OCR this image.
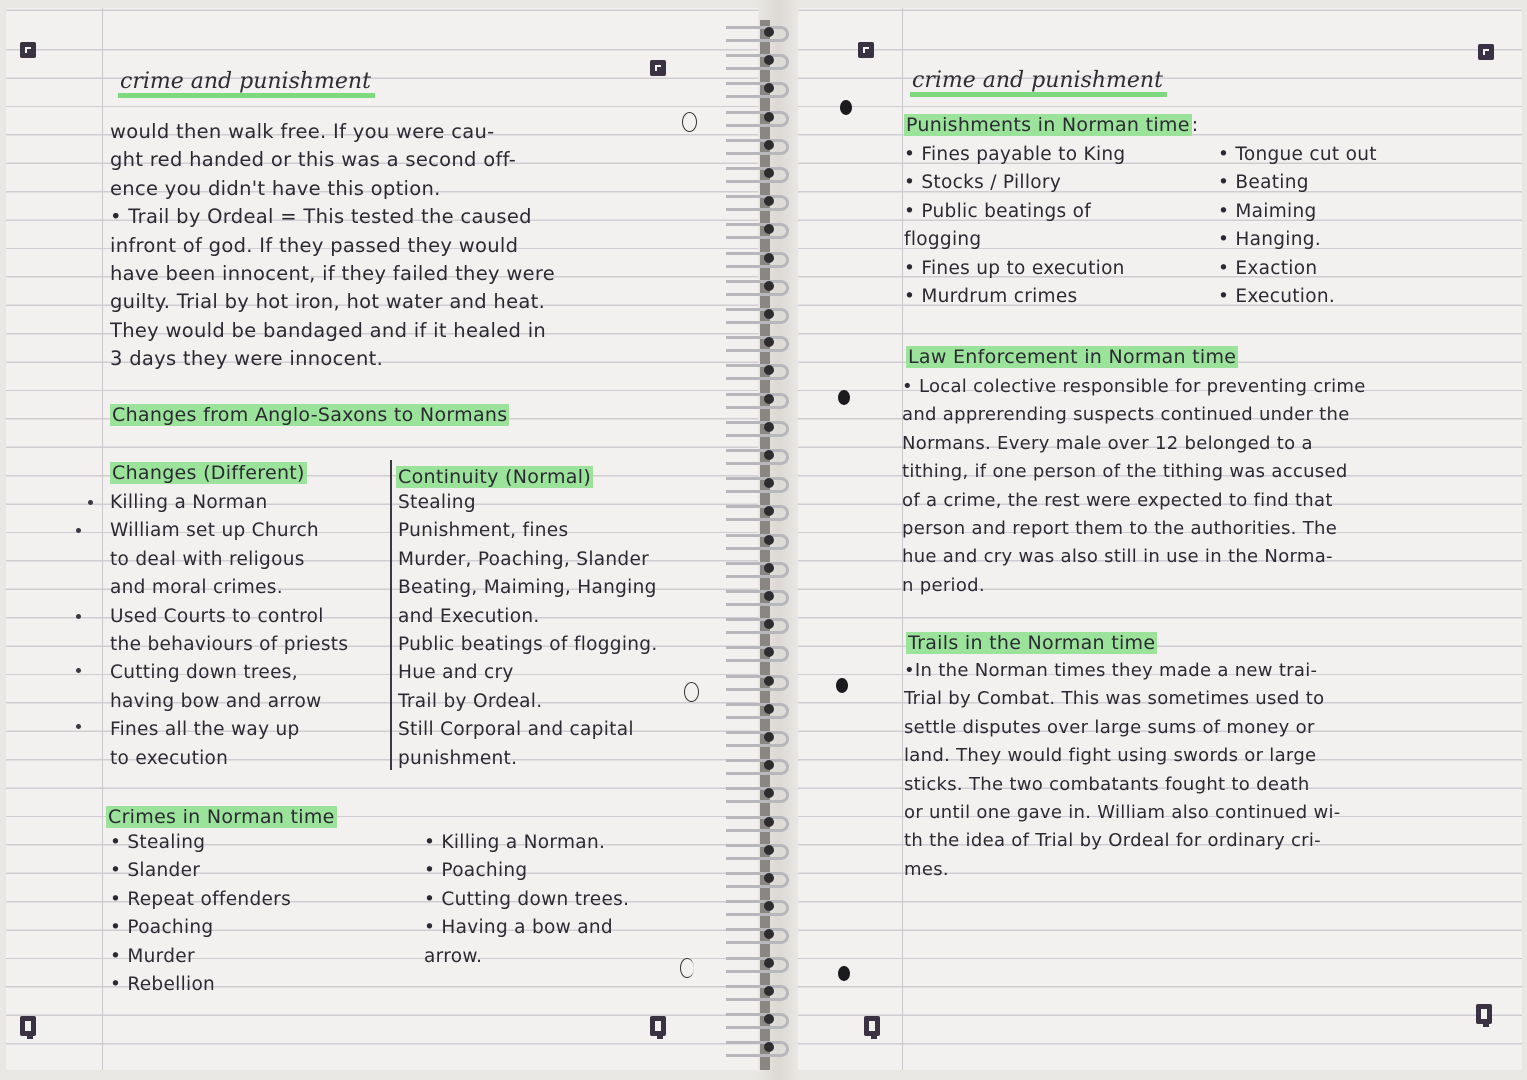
crime and punishment
would then walk free. If you were cau-
ght red handed or this was a second off-
ence you didn't have this option.
• Trail by Ordeal = This tested the caused
infront of god. If they passed they would
have been innocent, if they failed they were
guilty. Trial by hot iron, hot water and heat.
They would be bandaged and if it healed in
3 days they were innocent.
Changes from Anglo-Saxons to Normans
Changes (Different)	Continuity (Normal)
Killing a Norman
William set up Church
to deal with religous
and moral crimes.
Used Courts to control
the behaviours of priests
Cutting down trees,
having bow and arrow
Fines all the way up
to execution
Stealing
Punishment, fines
Murder, Poaching, Slander
Beating, Maiming, Hanging
and Execution.
Public beatings of flogging.
Hue and cry
Trail by Ordeal.
Still Corporal and capital
punishment.
Crimes in Norman time
• Stealing
• Slander
• Repeat offenders
• Poaching
• Murder
• Rebellion
• Killing a Norman.
• Poaching
• Cutting down trees.
• Having a bow and
arrow.
crime and punishment
Punishments in Norman time :
• Fines payable to King
• Stocks / Pillory
• Public beatings of
flogging
• Fines up to execution
• Murdrum crimes
• Tongue cut out
• Beating
• Maiming
• Hanging.
• Exaction
• Execution.
Law Enforcement in Norman time
• Local colective responsible for preventing crime
and apprerending suspects continued under the
Normans. Every male over 12 belonged to a
tithing, if one person of the tithing was accused
of a crime, the rest were expected to find that
person and report them to the authorities. The
hue and cry was also still in use in the Norma-
n period.
Trails in the Norman time
•In the Norman times they made a new trai-
Trial by Combat. This was sometimes used to
settle disputes over large sums of money or
land. They would fight using swords or large
sticks. The two combatants fought to death
or until one gave in. William also continued wi-
th the idea of Trial by Ordeal for ordinary cri-
mes.
